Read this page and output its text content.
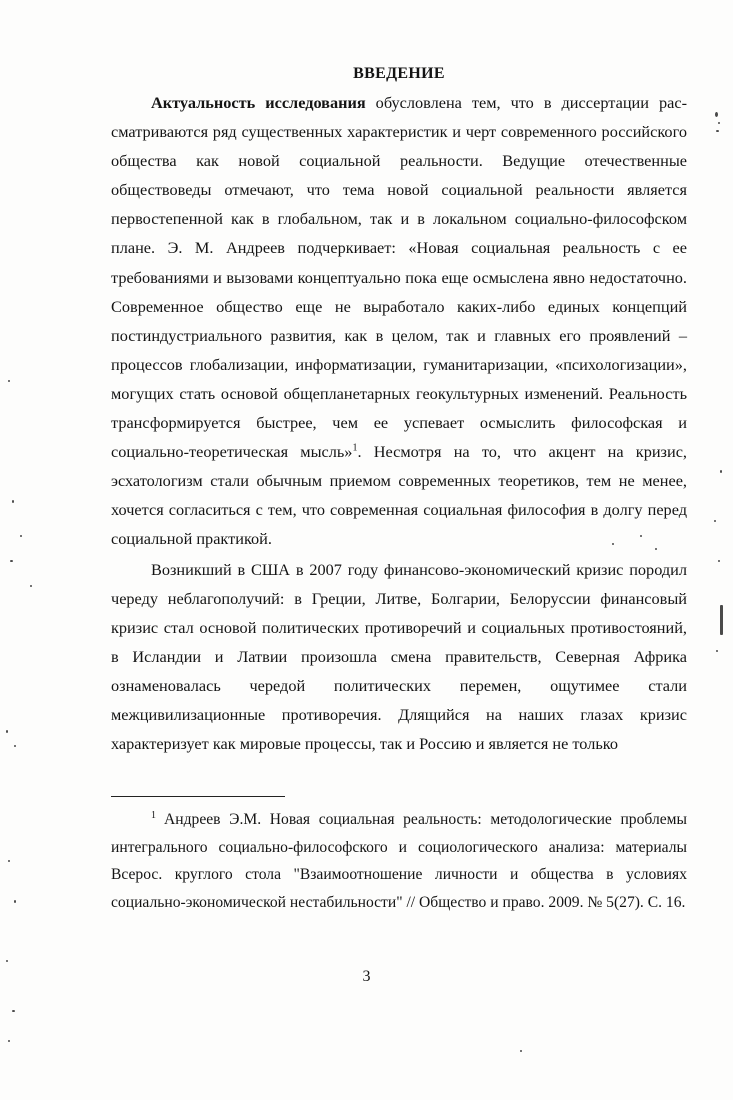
ВВЕДЕНИЕ

Актуальность исследования обусловлена тем, что в диссертации рассматриваются ряд существенных характеристик и черт современного российского общества как новой социальной реальности. Ведущие отечественные обществоведы отмечают, что тема новой социальной реальности является первостепенной как в глобальном, так и в локальном социально-философском плане. Э. М. Андреев подчеркивает: «Новая социальная реальность с ее требованиями и вызовами концептуально пока еще осмыслена явно недостаточно. Современное общество еще не выработало каких-либо единых концепций постиндустриального развития, как в целом, так и главных его проявлений – процессов глобализации, информатизации, гуманитаризации, «психологизации», могущих стать основой общепланетарных геокультурных изменений. Реальность трансформируется быстрее, чем ее успевает осмыслить философская и социально-теоретическая мысль»$^1$. Несмотря на то, что акцент на кризис, эсхатологизм стали обычным приемом современных теоретиков, тем не менее, хочется согласиться с тем, что современная социальная философия в долгу перед социальной практикой.

Возникший в США в 2007 году финансово-экономический кризис породил череду неблагополучий: в Греции, Литве, Болгарии, Белоруссии финансовый кризис стал основой политических противоречий и социальных противостояний, в Исландии и Латвии произошла смена правительств, Северная Африка ознаменовалась чередой политических перемен, ощутимее стали межцивилизационные противоречия. Длящийся на наших глазах кризис характеризует как мировые процессы, так и Россию и является не только

$^1$ Андреев Э.М. Новая социальная реальность: методологические проблемы интегрального социально-философского и социологического анализа: материалы Всерос. круглого стола "Взаимоотношение личности и общества в условиях социально-экономической нестабильности" // Общество и право. 2009. № 5(27). С. 16.

3
